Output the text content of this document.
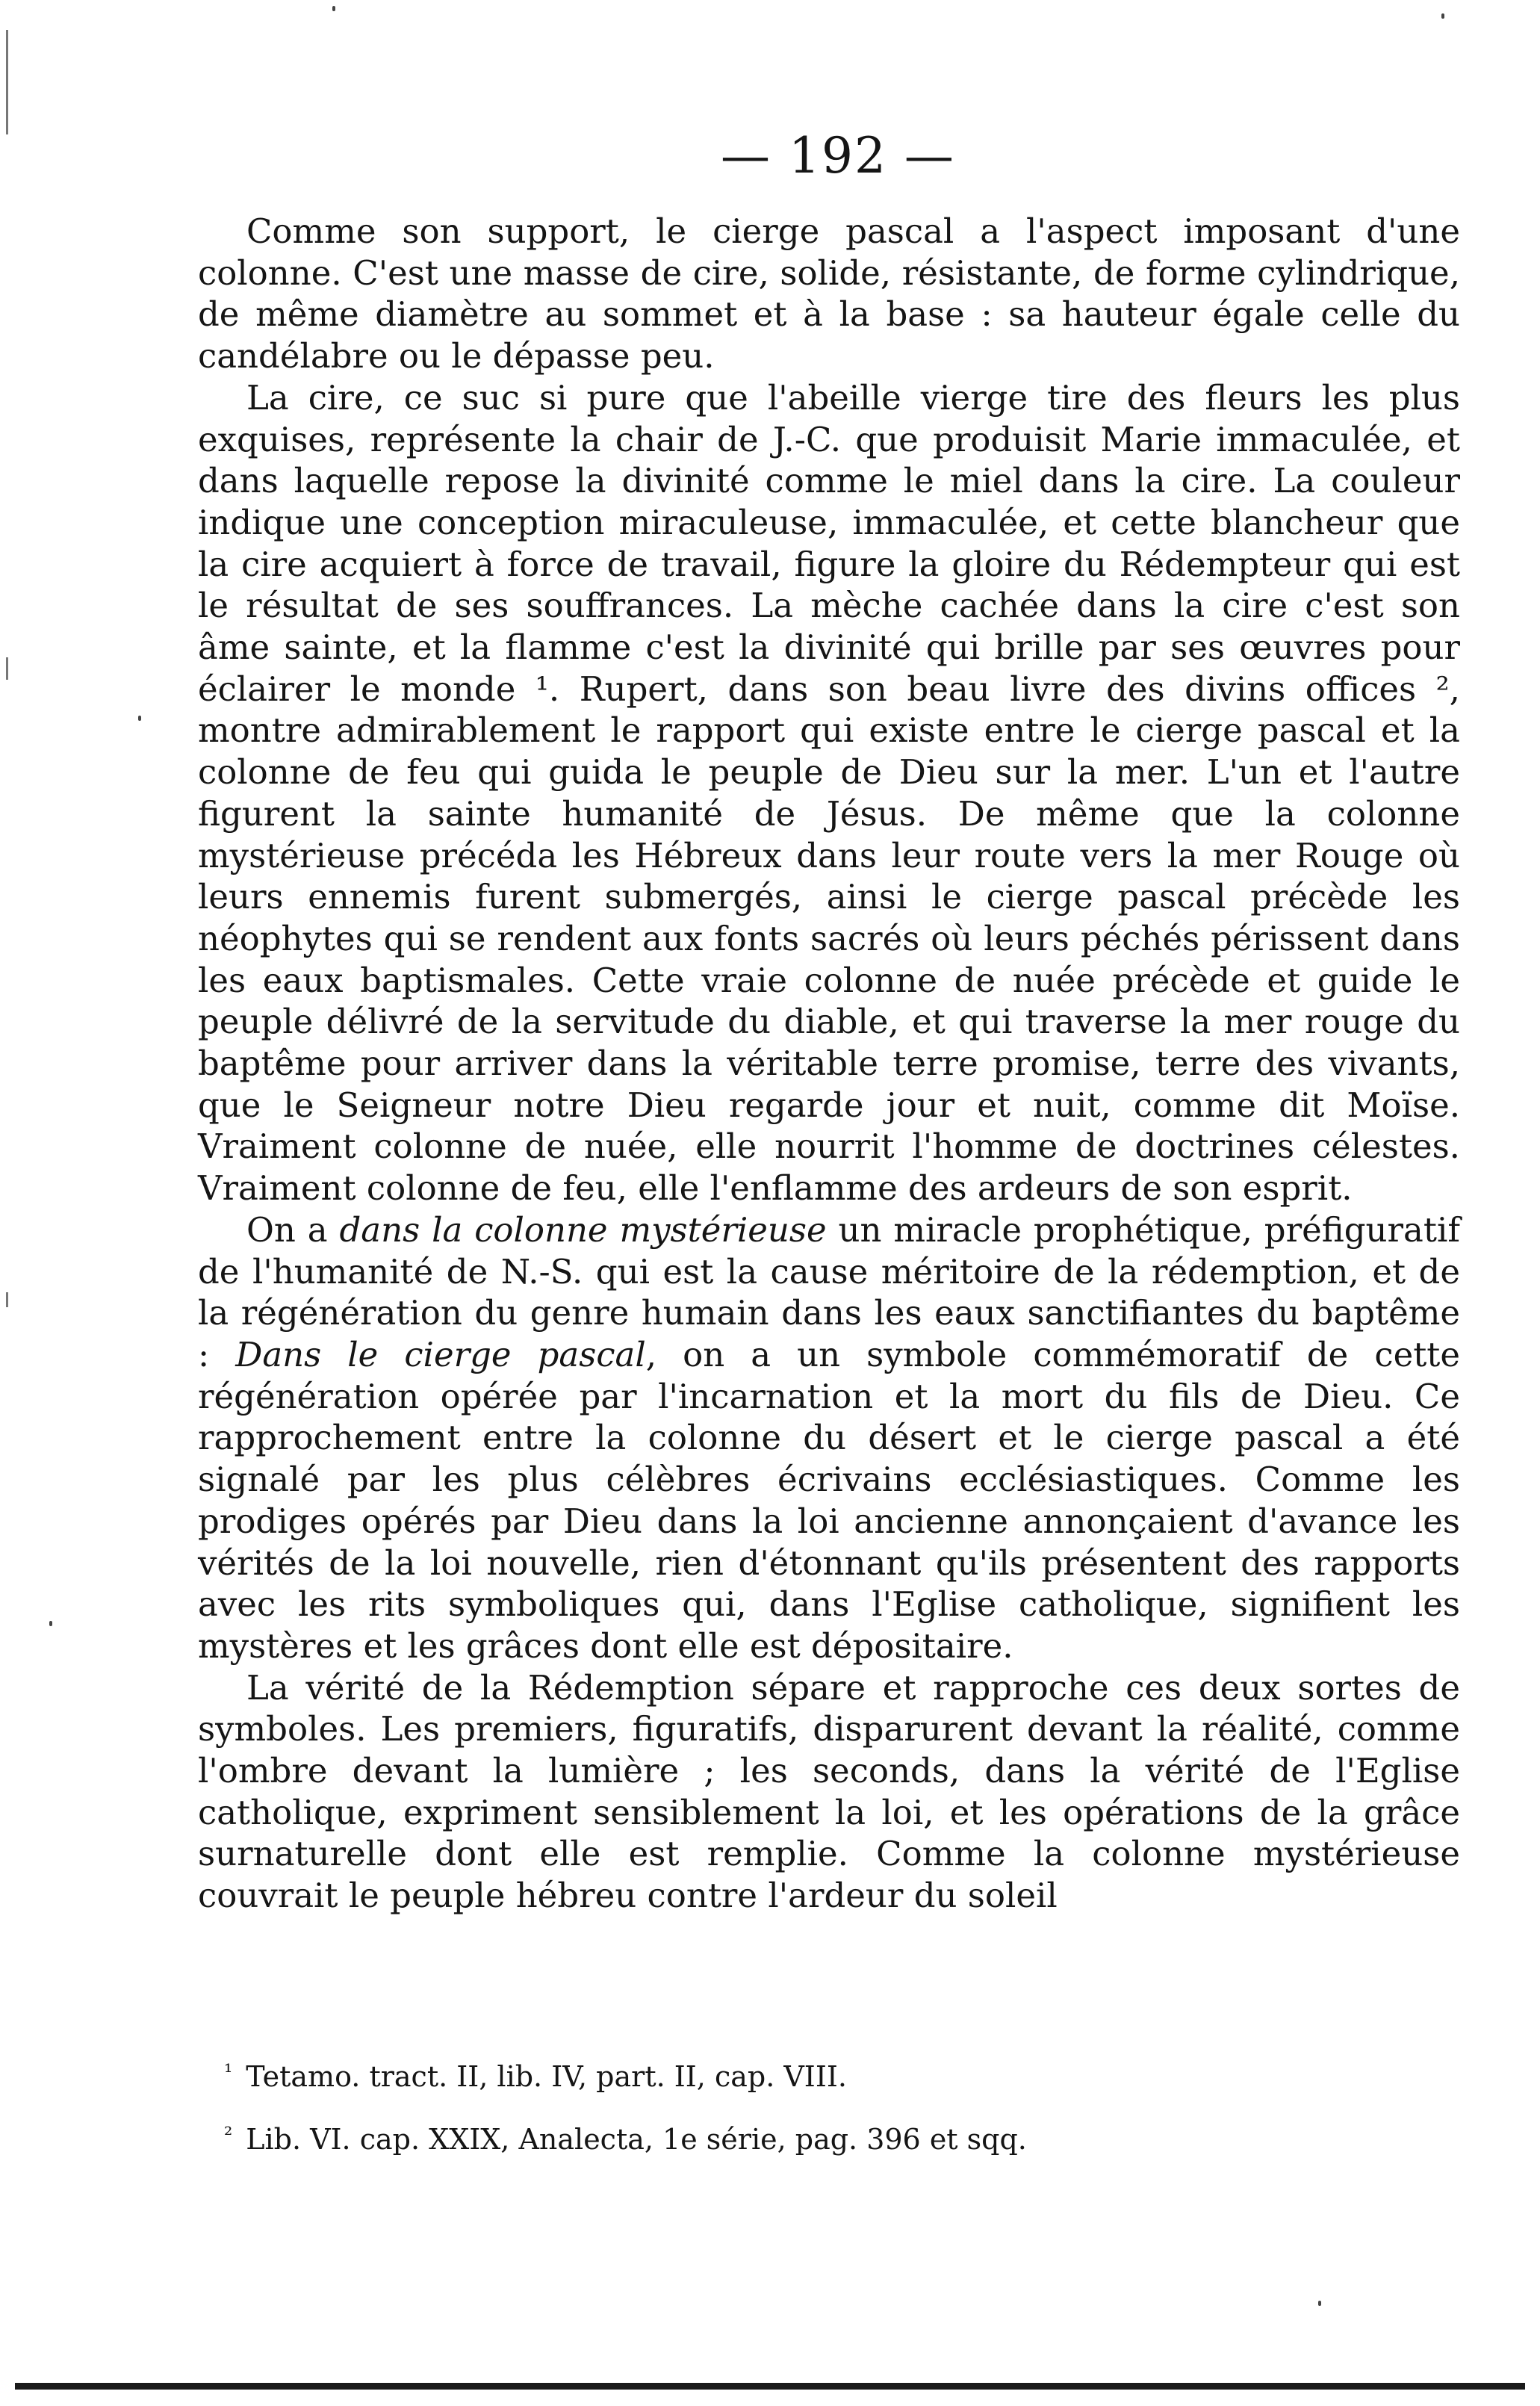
— 192 —

Comme son support, le cierge pascal a l'aspect imposant d'une colonne. C'est une masse de cire, solide, résistante, de forme cylindrique, de même diamètre au sommet et à la base : sa hauteur égale celle du candélabre ou le dépasse peu.

La cire, ce suc si pure que l'abeille vierge tire des fleurs les plus exquises, représente la chair de J.-C. que produisit Marie immaculée, et dans laquelle repose la divinité comme le miel dans la cire. La couleur indique une conception miraculeuse, immaculée, et cette blancheur que la cire acquiert à force de travail, figure la gloire du Rédempteur qui est le résultat de ses souffrances. La mèche cachée dans la cire c'est son âme sainte, et la flamme c'est la divinité qui brille par ses œuvres pour éclairer le monde ¹. Rupert, dans son beau livre des divins offices ², montre admirablement le rapport qui existe entre le cierge pascal et la colonne de feu qui guida le peuple de Dieu sur la mer. L'un et l'autre figurent la sainte humanité de Jésus. De même que la colonne mystérieuse précéda les Hébreux dans leur route vers la mer Rouge où leurs ennemis furent submergés, ainsi le cierge pascal précède les néophytes qui se rendent aux fonts sacrés où leurs péchés périssent dans les eaux baptismales. Cette vraie colonne de nuée précède et guide le peuple délivré de la servitude du diable, et qui traverse la mer rouge du baptême pour arriver dans la véritable terre promise, terre des vivants, que le Seigneur notre Dieu regarde jour et nuit, comme dit Moïse. Vraiment colonne de nuée, elle nourrit l'homme de doctrines célestes. Vraiment colonne de feu, elle l'enflamme des ardeurs de son esprit.

On a dans la colonne mystérieuse un miracle prophétique, préfiguratif de l'humanité de N.-S. qui est la cause méritoire de la rédemption, et de la régénération du genre humain dans les eaux sanctifiantes du baptême : Dans le cierge pascal, on a un symbole commémoratif de cette régénération opérée par l'incarnation et la mort du fils de Dieu. Ce rapprochement entre la colonne du désert et le cierge pascal a été signalé par les plus célèbres écrivains ecclésiastiques. Comme les prodiges opérés par Dieu dans la loi ancienne annonçaient d'avance les vérités de la loi nouvelle, rien d'étonnant qu'ils présentent des rapports avec les rits symboliques qui, dans l'Eglise catholique, signifient les mystères et les grâces dont elle est dépositaire.

La vérité de la Rédemption sépare et rapproche ces deux sortes de symboles. Les premiers, figuratifs, disparurent devant la réalité, comme l'ombre devant la lumière ; les seconds, dans la vérité de l'Eglise catholique, expriment sensiblement la loi, et les opérations de la grâce surnaturelle dont elle est remplie. Comme la colonne mystérieuse couvrait le peuple hébreu contre l'ardeur du soleil

$^{^1}$ Tetamo. tract. II, lib. IV, part. II, cap. VIII.

$^{^2}$ Lib. VI. cap. XXIX, Analecta, 1e série, pag. 396 et sqq.
